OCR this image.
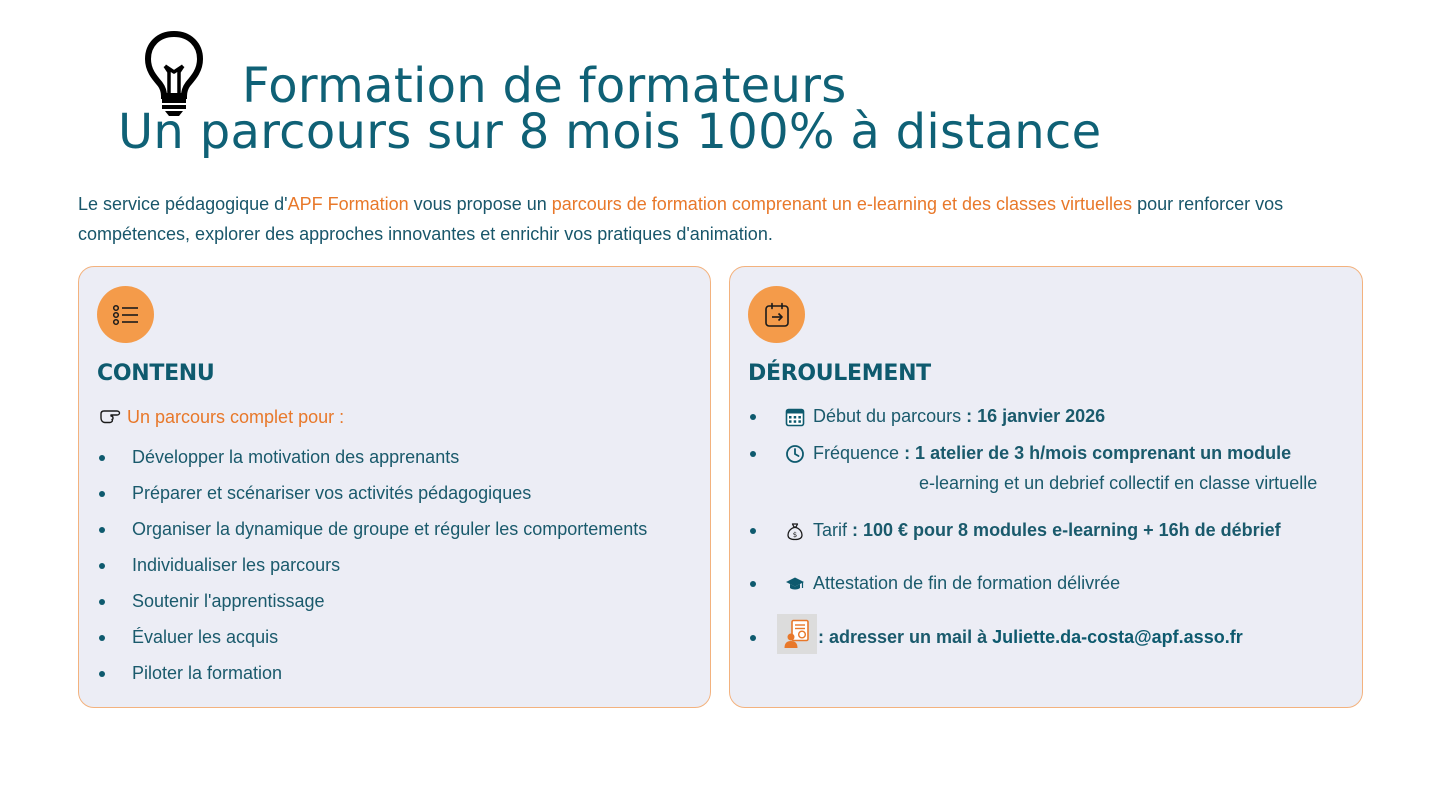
Formation de formateurs
Un parcours sur 8 mois 100% à distance

Le service pédagogique d'APF Formation vous propose un parcours de formation comprenant un e-learning et des classes virtuelles pour renforcer vos compétences, explorer des approches innovantes et enrichir vos pratiques d'animation.

CONTENU
Un parcours complet pour :
Développer la motivation des apprenants
Préparer et scénariser vos activités pédagogiques
Organiser la dynamique de groupe et réguler les comportements
Individualiser les parcours
Soutenir l'apprentissage
Évaluer les acquis
Piloter la formation
DÉROULEMENT
Début du parcours : 16 janvier 2026
Fréquence : 1 atelier de 3 h/mois comprenant un module
e-learning et un debrief collectif en classe virtuelle
$ Tarif : 100 € pour 8 modules e-learning + 16h de débrief
Attestation de fin de formation délivrée
: adresser un mail à Juliette.da-costa@apf.asso.fr
